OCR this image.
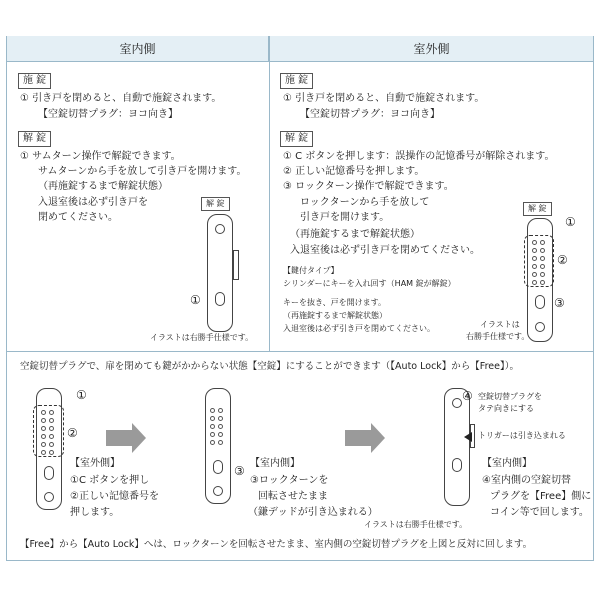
室内側	室外側
施 錠
① 引き戸を閉めると、自動で施錠されます。
【空錠切替プラグ：ヨコ向き】
解 錠
① サムターン操作で解錠できます。
サムターンから手を放して引き戸を開けます。
（再施錠するまで解錠状態）
入退室後は必ず引き戸を
閉めてください。
解 錠
①
イラストは右勝手仕様です。
施 錠
① 引き戸を閉めると、自動で施錠されます。
【空錠切替プラグ：ヨコ向き】
解 錠
① C ボタンを押します：誤操作の記憶番号が解除されます。
② 正しい記憶番号を押します。
③ ロックターン操作で解錠できます。
ロックターンから手を放して
引き戸を開けます。
（再施錠するまで解錠状態）
入退室後は必ず引き戸を閉めてください。
【鍵付タイプ】
シリンダーにキーを入れ回す（HAM 錠が解錠）
キーを抜き、戸を開けます。
（再施錠するまで解錠状態）
入退室後は必ず引き戸を閉めてください。
解 錠
①
②
③
イラストは
右勝手仕様です。
空錠切替プラグで、扉を閉めても鍵がかからない状態【空錠】にすることができます（【Auto Lock】から【Free】）。
①
②
【室外側】
①C ボタンを押し
②正しい記憶番号を
押します。
③
【室内側】
③ロックターンを
回転させたまま
（鎌デッドが引き込まれる）
④ 空錠切替プラグを
タテ向きにする
トリガーは引き込まれる
【室内側】
④室内側の空錠切替
プラグを【Free】側に
コイン等で回します。
イラストは右勝手仕様です。
【Free】から【Auto Lock】へは、ロックターンを回転させたまま、室内側の空錠切替プラグを上図と反対に回します。
